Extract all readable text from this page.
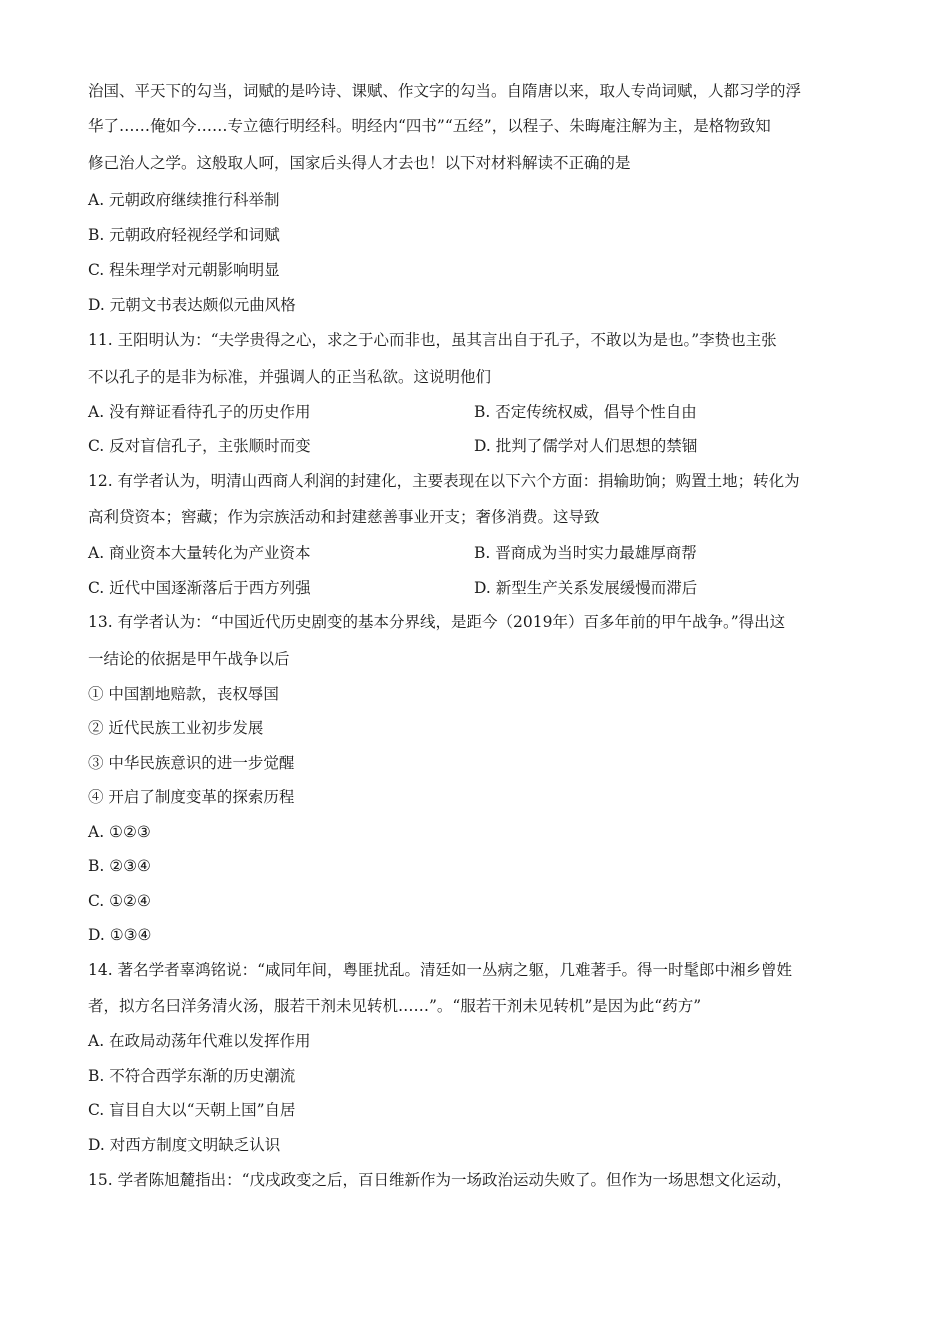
治国、平天下的勾当，词赋的是吟诗、课赋、作文字的勾当。自隋唐以来，取人专尚词赋，人都习学的浮
华了……俺如今……专立德行明经科。明经内“四书”“五经”，以程子、朱晦庵注解为主，是格物致知
修己治人之学。这般取人呵，国家后头得人才去也！以下对材料解读不正确的是
A. 元朝政府继续推行科举制
B. 元朝政府轻视经学和词赋
C. 程朱理学对元朝影响明显
D. 元朝文书表达颇似元曲风格
11. 王阳明认为：“夫学贵得之心，求之于心而非也，虽其言出自于孔子，不敢以为是也。”李贽也主张
不以孔子的是非为标准，并强调人的正当私欲。这说明他们
A. 没有辩证看待孔子的历史作用	B. 否定传统权威，倡导个性自由
C. 反对盲信孔子，主张顺时而变	D. 批判了儒学对人们思想的禁锢
12. 有学者认为，明清山西商人利润的封建化，主要表现在以下六个方面：捐输助饷；购置土地；转化为
高利贷资本；窖藏；作为宗族活动和封建慈善事业开支；奢侈消费。这导致
A. 商业资本大量转化为产业资本	B. 晋商成为当时实力最雄厚商帮
C. 近代中国逐渐落后于西方列强	D. 新型生产关系发展缓慢而滞后
13. 有学者认为：“中国近代历史剧变的基本分界线，是距今（2019年）百多年前的甲午战争。”得出这
一结论的依据是甲午战争以后
① 中国割地赔款，丧权辱国
② 近代民族工业初步发展
③ 中华民族意识的进一步觉醒
④ 开启了制度变革的探索历程
A. ①②③
B. ②③④
C. ①②④
D. ①③④
14. 著名学者辜鸿铭说：“咸同年间，粤匪扰乱。清廷如一丛病之躯，几难著手。得一时髦郎中湘乡曾姓
者，拟方名曰洋务清火汤，服若干剂未见转机……”。“服若干剂未见转机”是因为此“药方”
A. 在政局动荡年代难以发挥作用
B. 不符合西学东渐的历史潮流
C. 盲目自大以“天朝上国”自居
D. 对西方制度文明缺乏认识
15. 学者陈旭麓指出：“戊戌政变之后，百日维新作为一场政治运动失败了。但作为一场思想文化运动，
